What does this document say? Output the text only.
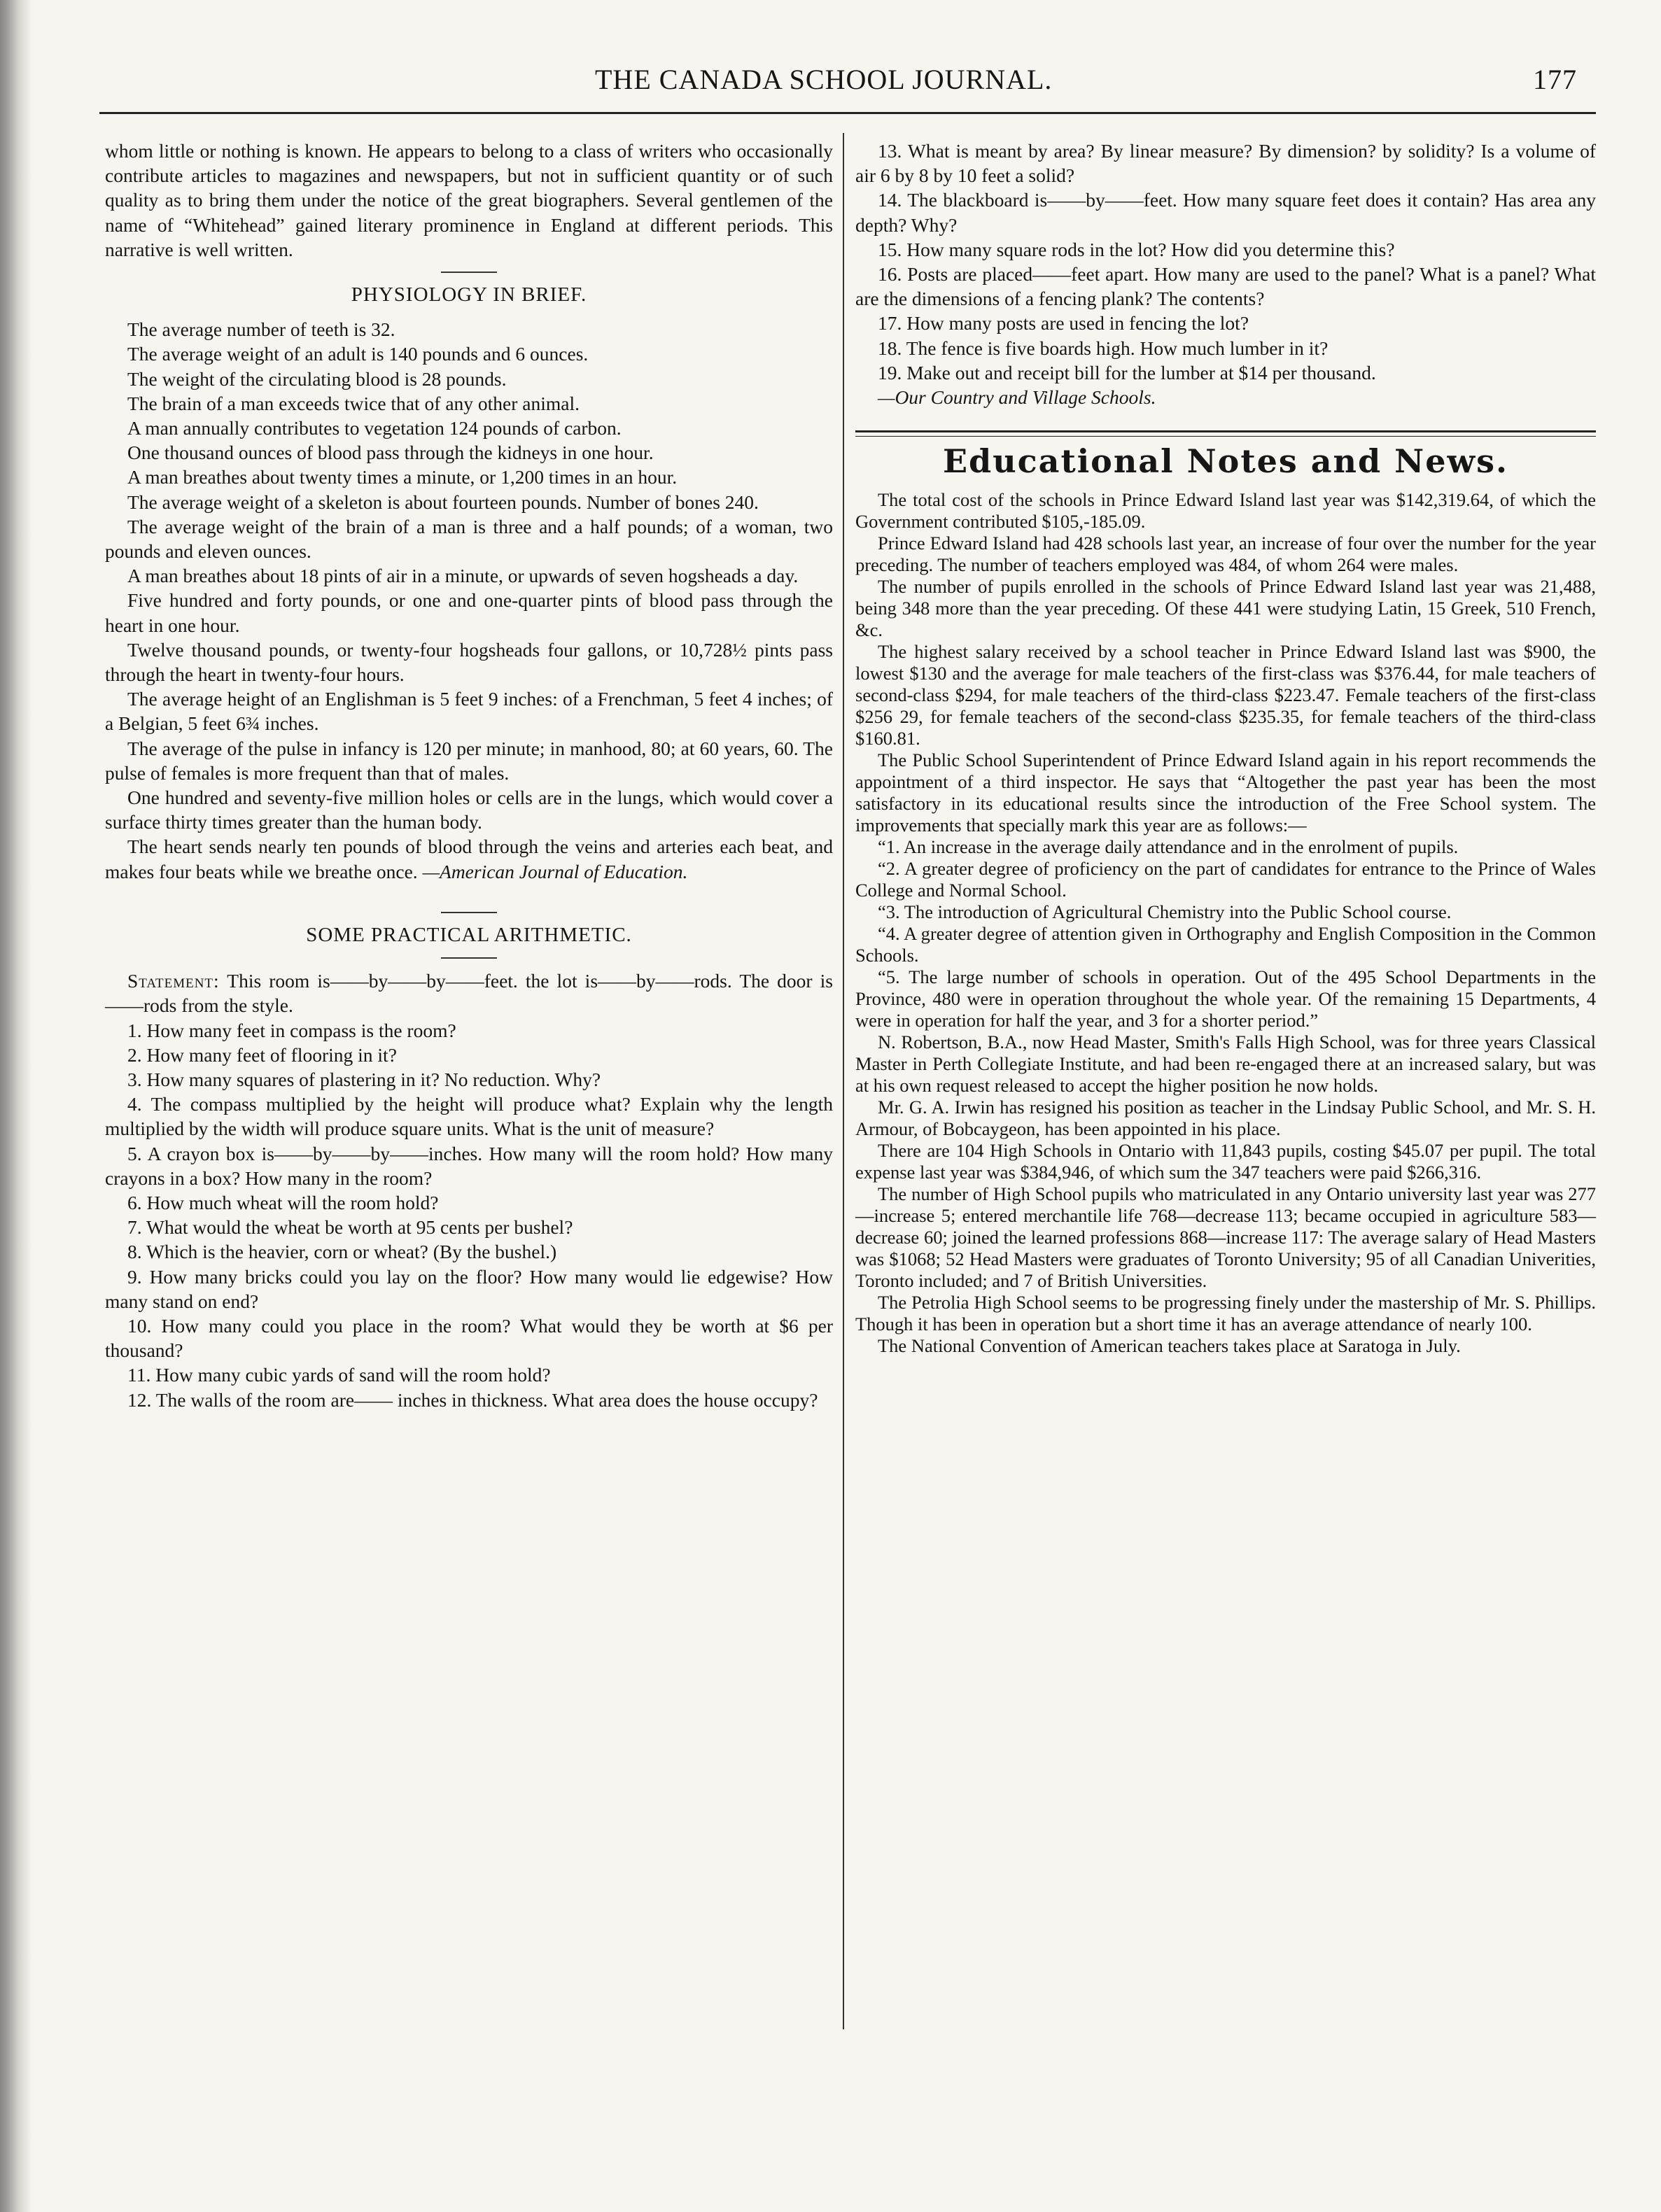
THE CANADA SCHOOL JOURNAL.	177

whom little or nothing is known. He appears to belong to a class of writers who occasionally contribute articles to magazines and newspapers, but not in sufficient quantity or of such quality as to bring them under the notice of the great biographers. Several gentlemen of the name of “Whitehead” gained literary prominence in England at different periods. This narrative is well written.

PHYSIOLOGY IN BRIEF.

The average number of teeth is 32.

The average weight of an adult is 140 pounds and 6 ounces.

The weight of the circulating blood is 28 pounds.

The brain of a man exceeds twice that of any other animal.

A man annually contributes to vegetation 124 pounds of carbon.

One thousand ounces of blood pass through the kidneys in one hour.

A man breathes about twenty times a minute, or 1,200 times in an hour.

The average weight of a skeleton is about fourteen pounds. Number of bones 240.

The average weight of the brain of a man is three and a half pounds; of a woman, two pounds and eleven ounces.

A man breathes about 18 pints of air in a minute, or upwards of seven hogsheads a day.

Five hundred and forty pounds, or one and one-quarter pints of blood pass through the heart in one hour.

Twelve thousand pounds, or twenty-four hogsheads four gallons, or 10,728½ pints pass through the heart in twenty-four hours.

The average height of an Englishman is 5 feet 9 inches: of a Frenchman, 5 feet 4 inches; of a Belgian, 5 feet 6¾ inches.

The average of the pulse in infancy is 120 per minute; in manhood, 80; at 60 years, 60. The pulse of females is more frequent than that of males.

One hundred and seventy-five million holes or cells are in the lungs, which would cover a surface thirty times greater than the human body.

The heart sends nearly ten pounds of blood through the veins and arteries each beat, and makes four beats while we breathe once. —American Journal of Education.

SOME PRACTICAL ARITHMETIC.

Statement: This room is——by——by——feet. the lot is——by——rods. The door is——rods from the style.

1. How many feet in compass is the room?

2. How many feet of flooring in it?

3. How many squares of plastering in it? No reduction. Why?

4. The compass multiplied by the height will produce what? Explain why the length multiplied by the width will produce square units. What is the unit of measure?

5. A crayon box is——by——by——inches. How many will the room hold? How many crayons in a box? How many in the room?

6. How much wheat will the room hold?

7. What would the wheat be worth at 95 cents per bushel?

8. Which is the heavier, corn or wheat? (By the bushel.)

9. How many bricks could you lay on the floor? How many would lie edgewise? How many stand on end?

10. How many could you place in the room? What would they be worth at $6 per thousand?

11. How many cubic yards of sand will the room hold?

12. The walls of the room are—— inches in thickness. What area does the house occupy?

13. What is meant by area? By linear measure? By dimension? by solidity? Is a volume of air 6 by 8 by 10 feet a solid?

14. The blackboard is——by——feet. How many square feet does it contain? Has area any depth? Why?

15. How many square rods in the lot? How did you determine this?

16. Posts are placed——feet apart. How many are used to the panel? What is a panel? What are the dimensions of a fencing plank? The contents?

17. How many posts are used in fencing the lot?

18. The fence is five boards high. How much lumber in it?

19. Make out and receipt bill for the lumber at $14 per thousand.

—Our Country and Village Schools.

Educational Notes and News.

The total cost of the schools in Prince Edward Island last year was $142,319.64, of which the Government contributed $105,-185.09.

Prince Edward Island had 428 schools last year, an increase of four over the number for the year preceding. The number of teachers employed was 484, of whom 264 were males.

The number of pupils enrolled in the schools of Prince Edward Island last year was 21,488, being 348 more than the year preceding. Of these 441 were studying Latin, 15 Greek, 510 French, &c.

The highest salary received by a school teacher in Prince Edward Island last was $900, the lowest $130 and the average for male teachers of the first-class was $376.44, for male teachers of second-class $294, for male teachers of the third-class $223.47. Female teachers of the first-class $256 29, for female teachers of the second-class $235.35, for female teachers of the third-class $160.81.

The Public School Superintendent of Prince Edward Island again in his report recommends the appointment of a third inspector. He says that “Altogether the past year has been the most satisfactory in its educational results since the introduction of the Free School system. The improvements that specially mark this year are as follows:—

“1. An increase in the average daily attendance and in the enrolment of pupils.

“2. A greater degree of proficiency on the part of candidates for entrance to the Prince of Wales College and Normal School.

“3. The introduction of Agricultural Chemistry into the Public School course.

“4. A greater degree of attention given in Orthography and English Composition in the Common Schools.

“5. The large number of schools in operation. Out of the 495 School Departments in the Province, 480 were in operation throughout the whole year. Of the remaining 15 Departments, 4 were in operation for half the year, and 3 for a shorter period.”

N. Robertson, B.A., now Head Master, Smith's Falls High School, was for three years Classical Master in Perth Collegiate Institute, and had been re-engaged there at an increased salary, but was at his own request released to accept the higher position he now holds.

Mr. G. A. Irwin has resigned his position as teacher in the Lindsay Public School, and Mr. S. H. Armour, of Bobcaygeon, has been appointed in his place.

There are 104 High Schools in Ontario with 11,843 pupils, costing $45.07 per pupil. The total expense last year was $384,946, of which sum the 347 teachers were paid $266,316.

The number of High School pupils who matriculated in any Ontario university last year was 277—increase 5; entered merchantile life 768—decrease 113; became occupied in agriculture 583—decrease 60; joined the learned professions 868—increase 117: The average salary of Head Masters was $1068; 52 Head Masters were graduates of Toronto University; 95 of all Canadian Univerities, Toronto included; and 7 of British Universities.

The Petrolia High School seems to be progressing finely under the mastership of Mr. S. Phillips. Though it has been in operation but a short time it has an average attendance of nearly 100.

The National Convention of American teachers takes place at Saratoga in July.
